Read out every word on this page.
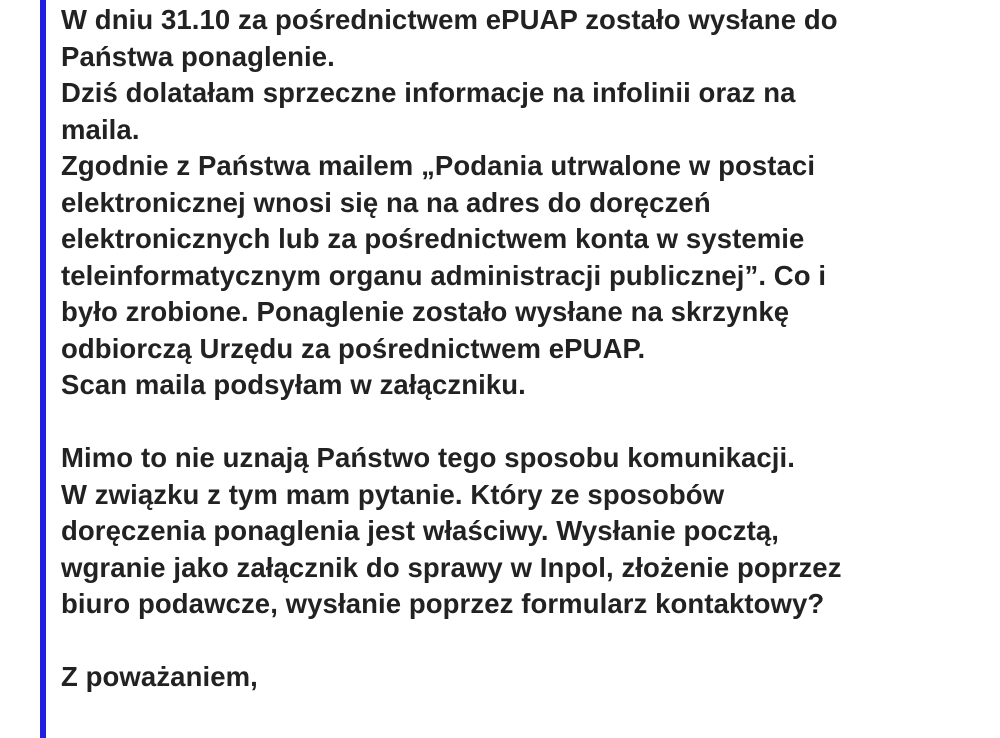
W dniu 31.10 za pośrednictwem ePUAP zostało wysłane do
Państwa ponaglenie.
Dziś dolatałam sprzeczne informacje na infolinii oraz na
maila.
Zgodnie z Państwa mailem „Podania utrwalone w postaci
elektronicznej wnosi się na na adres do doręczeń
elektronicznych lub za pośrednictwem konta w systemie
teleinformatycznym organu administracji publicznej”. Co i
było zrobione. Ponaglenie zostało wysłane na skrzynkę
odbiorczą Urzędu za pośrednictwem ePUAP.
Scan maila podsyłam w załączniku.
Mimo to nie uznają Państwo tego sposobu komunikacji.
W związku z tym mam pytanie. Który ze sposobów
doręczenia ponaglenia jest właściwy. Wysłanie pocztą,
wgranie jako załącznik do sprawy w Inpol, złożenie poprzez
biuro podawcze, wysłanie poprzez formularz kontaktowy?
Z poważaniem,
